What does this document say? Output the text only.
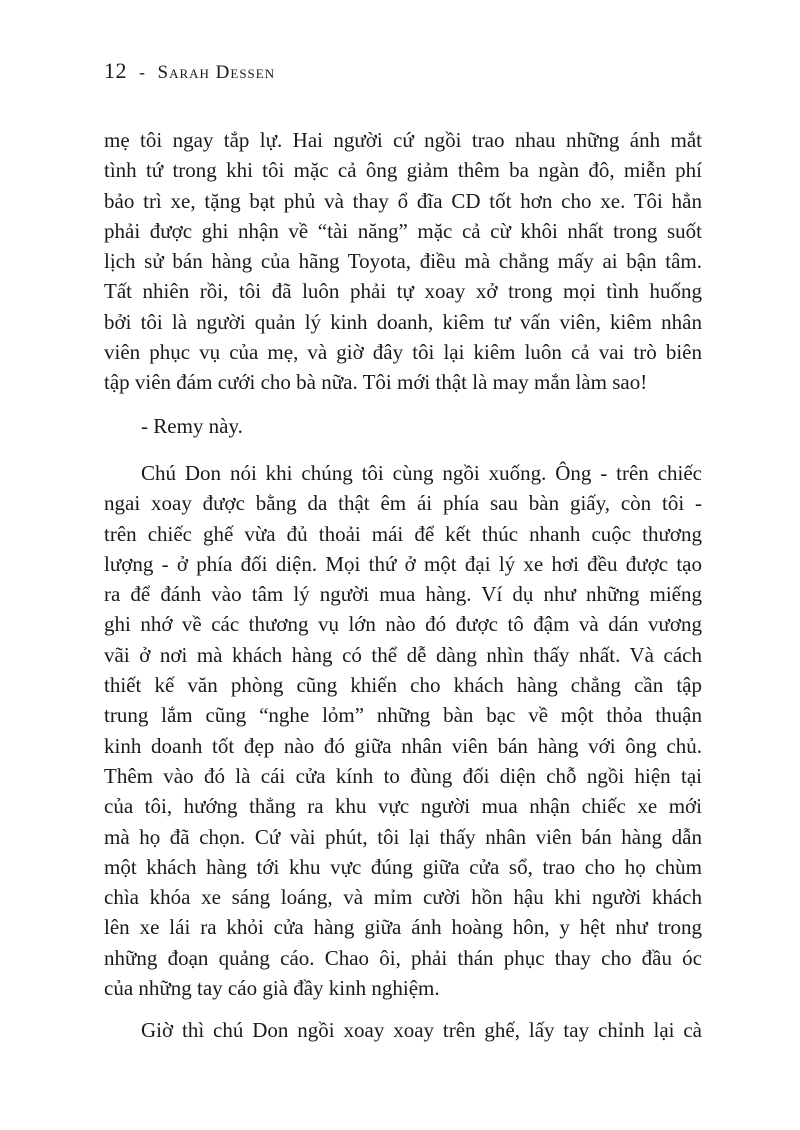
12 - Sarah Dessen
mẹ tôi ngay tắp lự. Hai người cứ ngồi trao nhau những ánh mắt
tình tứ trong khi tôi mặc cả ông giảm thêm ba ngàn đô, miễn phí
bảo trì xe, tặng bạt phủ và thay ổ đĩa CD tốt hơn cho xe. Tôi hẳn
phải được ghi nhận về “tài năng” mặc cả cừ khôi nhất trong suốt
lịch sử bán hàng của hãng Toyota, điều mà chẳng mấy ai bận tâm.
Tất nhiên rồi, tôi đã luôn phải tự xoay xở trong mọi tình huống
bởi tôi là người quản lý kinh doanh, kiêm tư vấn viên, kiêm nhân
viên phục vụ của mẹ, và giờ đây tôi lại kiêm luôn cả vai trò biên
tập viên đám cưới cho bà nữa. Tôi mới thật là may mắn làm sao!
- Remy này.
Chú Don nói khi chúng tôi cùng ngồi xuống. Ông - trên chiếc
ngai xoay được bằng da thật êm ái phía sau bàn giấy, còn tôi -
trên chiếc ghế vừa đủ thoải mái để kết thúc nhanh cuộc thương
lượng - ở phía đối diện. Mọi thứ ở một đại lý xe hơi đều được tạo
ra để đánh vào tâm lý người mua hàng. Ví dụ như những miếng
ghi nhớ về các thương vụ lớn nào đó được tô đậm và dán vương
vãi ở nơi mà khách hàng có thể dễ dàng nhìn thấy nhất. Và cách
thiết kế văn phòng cũng khiến cho khách hàng chẳng cần tập
trung lắm cũng “nghe lỏm” những bàn bạc về một thỏa thuận
kinh doanh tốt đẹp nào đó giữa nhân viên bán hàng với ông chủ.
Thêm vào đó là cái cửa kính to đùng đối diện chỗ ngồi hiện tại
của tôi, hướng thẳng ra khu vực người mua nhận chiếc xe mới
mà họ đã chọn. Cứ vài phút, tôi lại thấy nhân viên bán hàng dẫn
một khách hàng tới khu vực đúng giữa cửa sổ, trao cho họ chùm
chìa khóa xe sáng loáng, và mỉm cười hồn hậu khi người khách
lên xe lái ra khỏi cửa hàng giữa ánh hoàng hôn, y hệt như trong
những đoạn quảng cáo. Chao ôi, phải thán phục thay cho đầu óc
của những tay cáo già đầy kinh nghiệm.
Giờ thì chú Don ngồi xoay xoay trên ghế, lấy tay chỉnh lại cà
